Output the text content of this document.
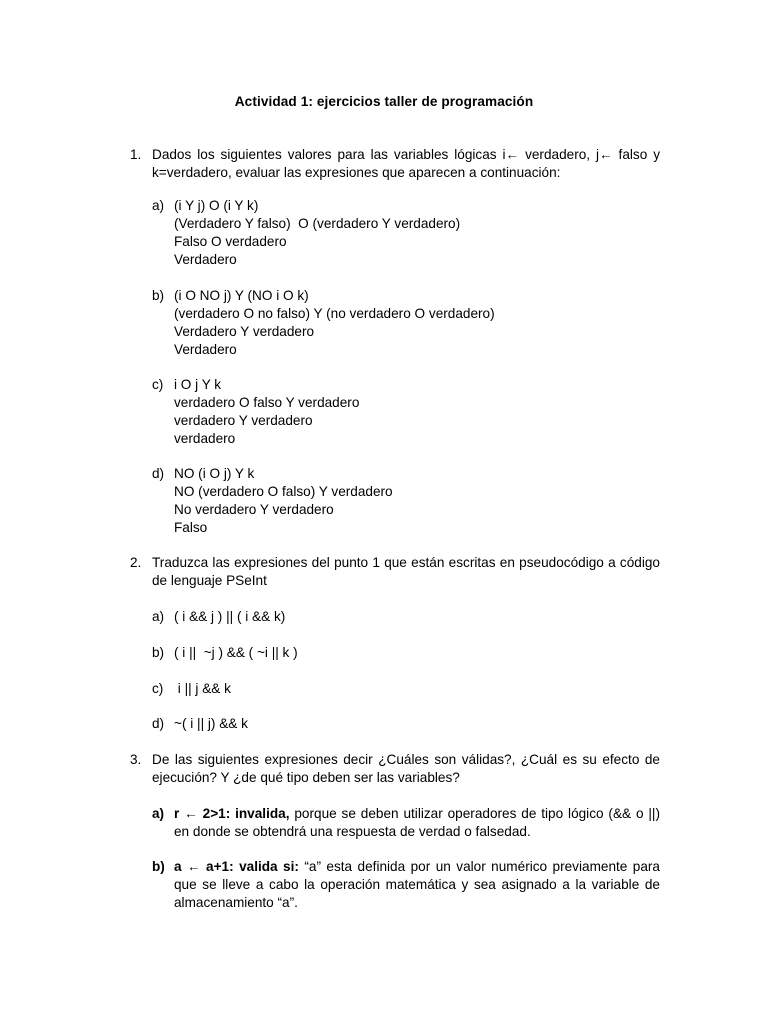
Actividad 1: ejercicios taller de programación
1. Dados los siguientes valores para las variables lógicas i← verdadero, j← falso y k=verdadero, evaluar las expresiones que aparecen a continuación:
a) (i Y j) O (i Y k)
(Verdadero Y falso)  O (verdadero Y verdadero)
Falso O verdadero
Verdadero
b) (i O NO j) Y (NO i O k)
(verdadero O no falso) Y (no verdadero O verdadero)
Verdadero Y verdadero
Verdadero
c) i O j Y k
verdadero O falso Y verdadero
verdadero Y verdadero
verdadero
d) NO (i O j) Y k
NO (verdadero O falso) Y verdadero
No verdadero Y verdadero
Falso
2. Traduzca las expresiones del punto 1 que están escritas en pseudocódigo a código de lenguaje PSeInt
a) ( i && j ) || ( i && k)
b) ( i ||  ~j ) && ( ~i || k )
c) i || j && k
d) ~( i || j) && k
3. De las siguientes expresiones decir ¿Cuáles son válidas?, ¿Cuál es su efecto de ejecución? Y ¿de qué tipo deben ser las variables?
a) r ← 2>1: invalida, porque se deben utilizar operadores de tipo lógico (&& o ||) en donde se obtendrá una respuesta de verdad o falsedad.
b) a ← a+1: valida si: “a” esta definida por un valor numérico previamente para que se lleve a cabo la operación matemática y sea asignado a la variable de almacenamiento “a”.
